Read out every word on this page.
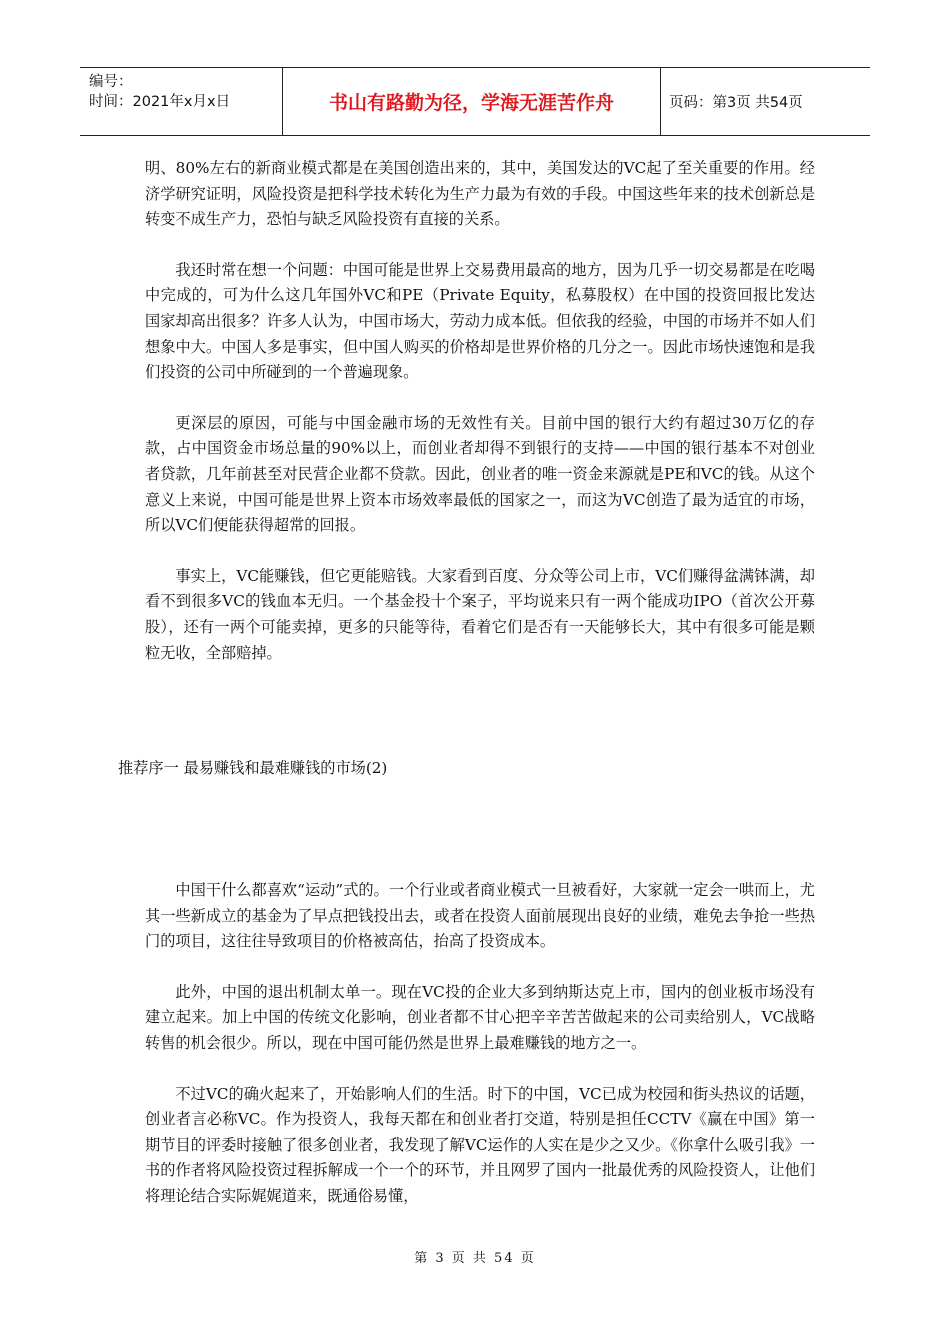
编号：
时间：2021年x月x日	书山有路勤为径，学海无涯苦作舟	页码：第3页 共54页

明、80%左右的新商业模式都是在美国创造出来的，其中，美国发达的VC起了至关重要的作用。经济学研究证明，风险投资是把科学技术转化为生产力最为有效的手段。中国这些年来的技术创新总是转变不成生产力，恐怕与缺乏风险投资有直接的关系。

我还时常在想一个问题：中国可能是世界上交易费用最高的地方，因为几乎一切交易都是在吃喝中完成的，可为什么这几年国外VC和PE（Private Equity，私募股权）在中国的投资回报比发达国家却高出很多？许多人认为，中国市场大，劳动力成本低。但依我的经验，中国的市场并不如人们想象中大。中国人多是事实，但中国人购买的价格却是世界价格的几分之一。因此市场快速饱和是我们投资的公司中所碰到的一个普遍现象。

更深层的原因，可能与中国金融市场的无效性有关。目前中国的银行大约有超过30万亿的存款，占中国资金市场总量的90%以上，而创业者却得不到银行的支持——中国的银行基本不对创业者贷款，几年前甚至对民营企业都不贷款。因此，创业者的唯一资金来源就是PE和VC的钱。从这个意义上来说，中国可能是世界上资本市场效率最低的国家之一，而这为VC创造了最为适宜的市场，所以VC们便能获得超常的回报。

事实上，VC能赚钱，但它更能赔钱。大家看到百度、分众等公司上市，VC们赚得盆满钵满，却看不到很多VC的钱血本无归。一个基金投十个案子，平均说来只有一两个能成功IPO（首次公开募股），还有一两个可能卖掉，更多的只能等待，看着它们是否有一天能够长大，其中有很多可能是颗粒无收，全部赔掉。

推荐序一 最易赚钱和最难赚钱的市场(2)

中国干什么都喜欢“运动”式的。一个行业或者商业模式一旦被看好，大家就一定会一哄而上，尤其一些新成立的基金为了早点把钱投出去，或者在投资人面前展现出良好的业绩，难免去争抢一些热门的项目，这往往导致项目的价格被高估，抬高了投资成本。

此外，中国的退出机制太单一。现在VC投的企业大多到纳斯达克上市，国内的创业板市场没有建立起来。加上中国的传统文化影响，创业者都不甘心把辛辛苦苦做起来的公司卖给别人，VC战略转售的机会很少。所以，现在中国可能仍然是世界上最难赚钱的地方之一。

不过VC的确火起来了，开始影响人们的生活。时下的中国，VC已成为校园和街头热议的话题，创业者言必称VC。作为投资人，我每天都在和创业者打交道，特别是担任CCTV《赢在中国》第一期节目的评委时接触了很多创业者，我发现了解VC运作的人实在是少之又少。《你拿什么吸引我》一书的作者将风险投资过程拆解成一个一个的环节，并且网罗了国内一批最优秀的风险投资人，让他们将理论结合实际娓娓道来，既通俗易懂，

第 3 页 共 54 页
